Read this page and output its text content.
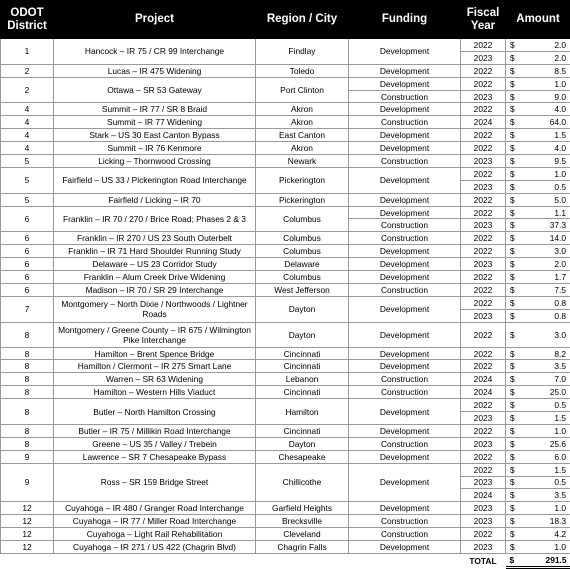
ODOT District	Project	Region / City	Funding	Fiscal Year	Amount
1	Hancock – IR 75 / CR 99 Interchange	Findlay	Development	2022	$ 2.0

				2023	$ 2.0

2	Lucas – IR 475 Widening	Toledo	Development	2022	$ 8.5

2	Ottawa – SR 53 Gateway	Port Clinton	Development	2022	$ 1.0

			Construction	2023	$ 9.0

4	Summit – IR 77 / SR 8 Braid	Akron	Development	2022	$ 4.0

4	Summit – IR 77 Widening	Akron	Construction	2024	$ 64.0

4	Stark – US 30 East Canton Bypass	East Canton	Development	2022	$ 1.5

4	Summit – IR 76 Kenmore	Akron	Development	2022	$ 4.0

5	Licking – Thornwood Crossing	Newark	Construction	2023	$ 9.5

5	Fairfield – US 33 / Pickerington Road Interchange	Pickerington	Development	2022	$ 1.0

				2023	$ 0.5

5	Fairfield / Licking – IR 70	Pickerington	Development	2022	$ 5.0

6	Franklin – IR 70 / 270 / Brice Road; Phases 2 & 3	Columbus	Development	2022	$ 1.1

			Construction	2023	$ 37.3

6	Franklin – IR 270 / US 23 South Outerbelt	Columbus	Construction	2022	$ 14.0

6	Franklin – IR 71 Hard Shoulder Running Study	Columbus	Development	2022	$ 3.0

6	Delaware – US 23 Corridor Study	Delaware	Development	2023	$ 2.0

6	Franklin – Alum Creek Drive Widening	Columbus	Development	2022	$ 1.7

6	Madison – IR 70 / SR 29 Interchange	West Jefferson	Construction	2022	$ 7.5

7	Montgomery – North Dixie / Northwoods / Lightner Roads	Dayton	Development	2022	$ 0.8

				2023	$ 0.8

8	Montgomery / Greene County – IR 675 / Wilmington Pike Interchange	Dayton	Development	2022	$ 3.0

8	Hamilton – Brent Spence Bridge	Cincinnati	Development	2022	$ 8.2

8	Hamilton / Clermont – IR 275 Smart Lane	Cincinnati	Development	2022	$ 3.5

8	Warren – SR 63 Widening	Lebanon	Construction	2024	$ 7.0

8	Hamilton – Western Hills Viaduct	Cincinnati	Construction	2024	$ 25.0

8	Butler – North Hamilton Crossing	Hamilton	Development	2022	$ 0.5

				2023	$ 1.5

8	Butler – IR 75 / Millikin Road Interchange	Cincinnati	Development	2022	$ 1.0

8	Greene – US 35 / Valley / Trebein	Dayton	Construction	2023	$ 25.6

9	Lawrence – SR 7 Chesapeake Bypass	Chesapeake	Development	2022	$ 6.0

9	Ross – SR 159 Bridge Street	Chillicothe	Development	2022	$ 1.5

				2023	$ 0.5

				2024	$ 3.5

12	Cuyahoga – IR 480 / Granger Road Interchange	Garfield Heights	Development	2023	$ 1.0

12	Cuyahoga – IR 77 / Miller Road Interchange	Brecksville	Construction	2023	$ 18.3

12	Cuyahoga – Light Rail Rehabilitation	Cleveland	Construction	2022	$ 4.2

12	Cuyahoga – IR 271 / US 422 (Chagrin Blvd)	Chagrin Falls	Development	2023	$ 1.0

				TOTAL	$ 291.5
